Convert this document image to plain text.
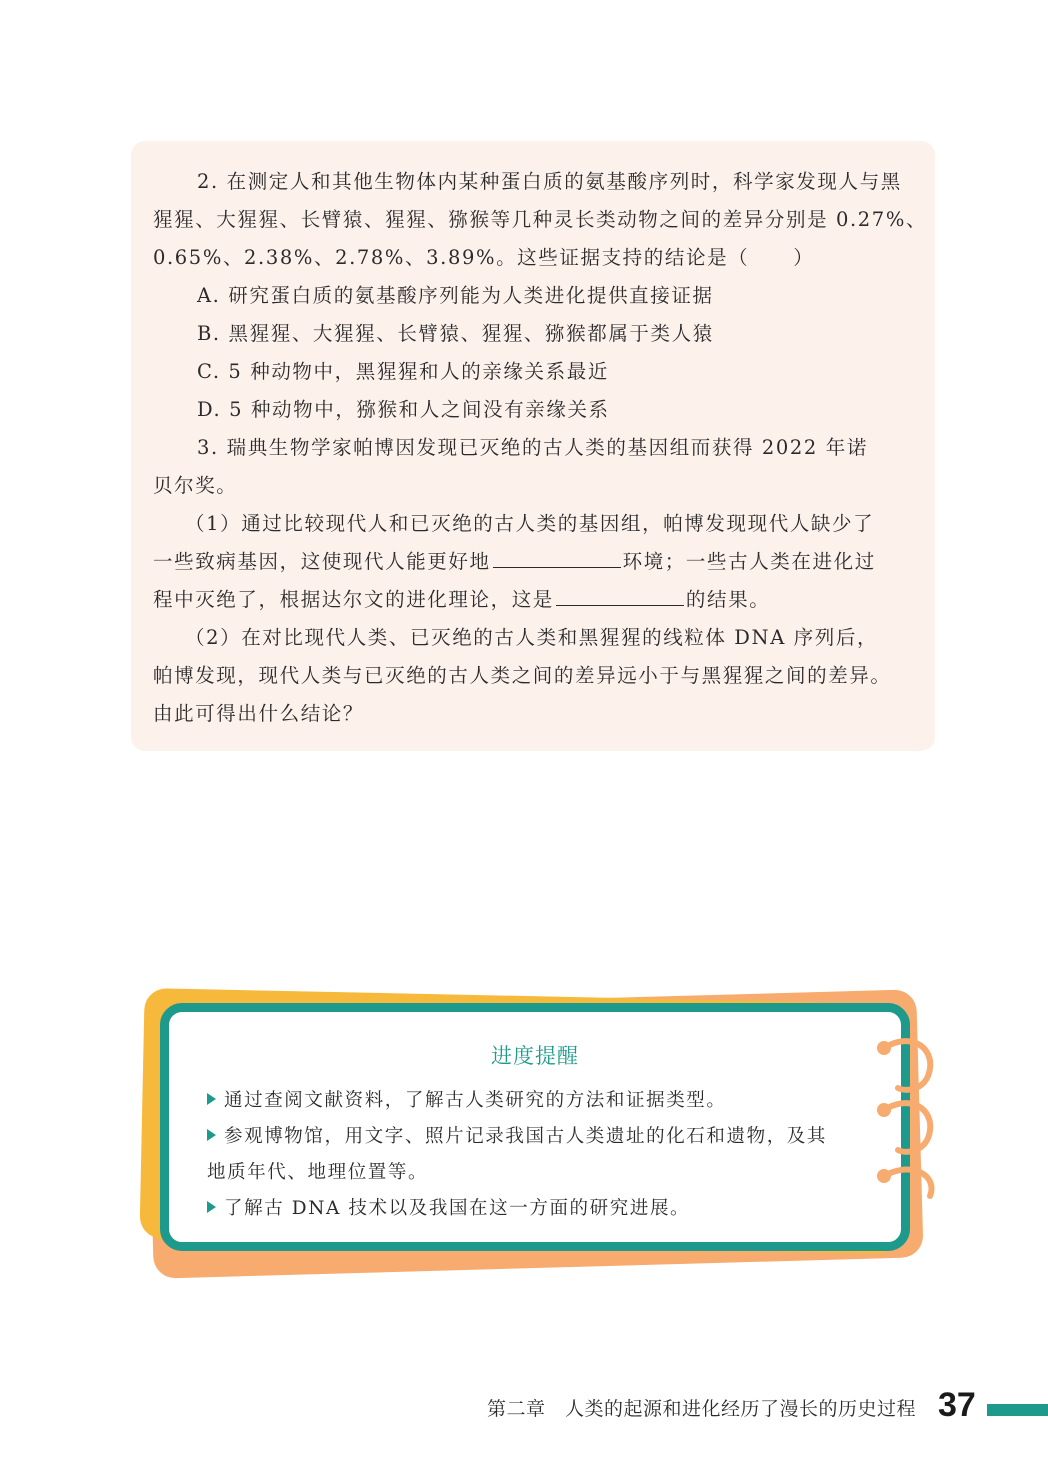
2. 在测定人和其他生物体内某种蛋白质的氨基酸序列时，科学家发现人与黑
猩猩、大猩猩、长臂猿、猩猩、猕猴等几种灵长类动物之间的差异分别是 0.27%、
0.65%、2.38%、2.78%、3.89%。这些证据支持的结论是（ ）
A. 研究蛋白质的氨基酸序列能为人类进化提供直接证据
B. 黑猩猩、大猩猩、长臂猿、猩猩、猕猴都属于类人猿
C. 5 种动物中，黑猩猩和人的亲缘关系最近
D. 5 种动物中，猕猴和人之间没有亲缘关系
3. 瑞典生物学家帕博因发现已灭绝的古人类的基因组而获得 2022 年诺
贝尔奖。
（1）通过比较现代人和已灭绝的古人类的基因组，帕博发现现代人缺少了
一些致病基因，这使现代人能更好地	环境；一些古人类在进化过
程中灭绝了，根据达尔文的进化理论，这是	的结果。
（2）在对比现代人类、已灭绝的古人类和黑猩猩的线粒体 DNA 序列后，
帕博发现，现代人类与已灭绝的古人类之间的差异远小于与黑猩猩之间的差异。
由此可得出什么结论？
进度提醒
通过查阅文献资料，了解古人类研究的方法和证据类型。
参观博物馆，用文字、照片记录我国古人类遗址的化石和遗物，及其
地质年代、地理位置等。
了解古 DNA 技术以及我国在这一方面的研究进展。
第二章　人类的起源和进化经历了漫长的历史过程 37
